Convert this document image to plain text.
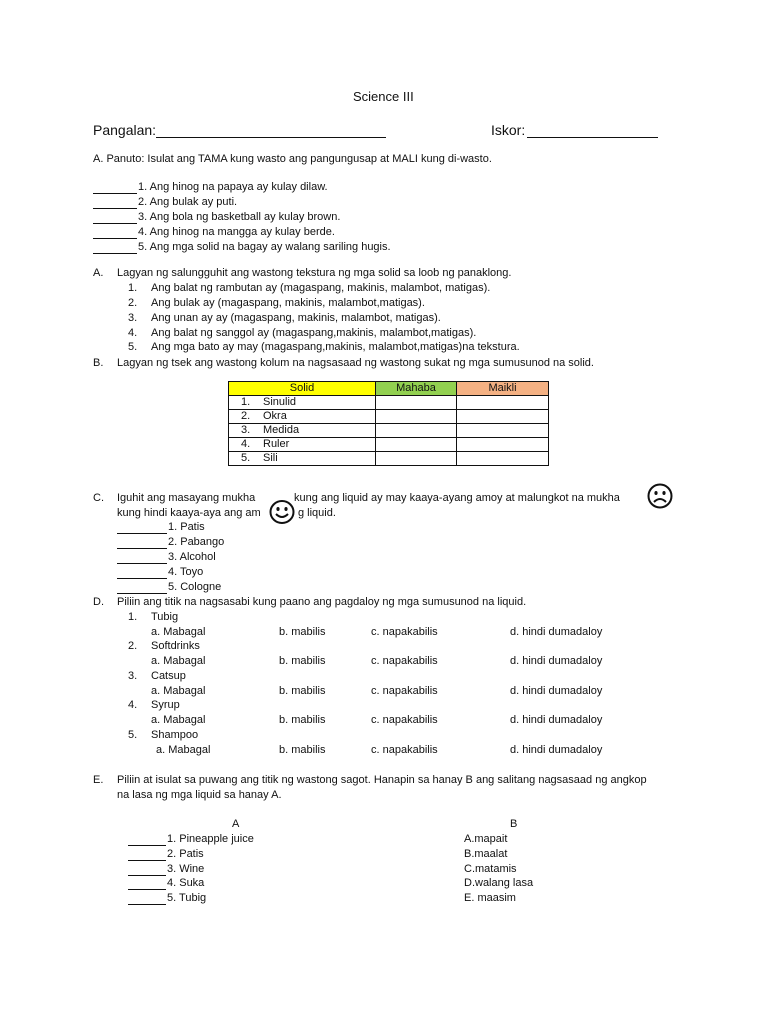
Science III
Pangalan:	Iskor:
A. Panuto: Isulat ang TAMA kung wasto ang pangungusap at MALI kung di-wasto.
1. Ang hinog na papaya ay kulay dilaw.
2. Ang bulak ay puti.
3. Ang bola ng basketball ay kulay brown.
4. Ang hinog na mangga ay kulay berde.
5. Ang mga solid na bagay ay walang sariling hugis.
A. Lagyan ng salungguhit ang wastong tekstura ng mga solid sa loob ng panaklong.
1. Ang balat ng rambutan ay (magaspang, makinis, malambot, matigas).
2. Ang bulak ay (magaspang, makinis, malambot,matigas).
3. Ang unan ay ay (magaspang, makinis, malambot, matigas).
4. Ang balat ng sanggol ay (magaspang,makinis, malambot,matigas).
5. Ang mga bato ay may (magaspang,makinis, malambot,matigas)na tekstura.
B. Lagyan ng tsek ang wastong kolum na nagsasaad ng wastong sukat ng mga sumusunod na solid.
Solid	Mahaba	Maikli
1. Sinulid		
2. Okra		
3. Medida		
4. Ruler		
5. Sili		
C. Iguhit ang masayang mukha	kung ang liquid ay may kaaya-ayang amoy at malungkot na mukha
kung hindi kaaya-aya ang am	g liquid.
1. Patis
2. Pabango
3. Alcohol
4. Toyo
5. Cologne
D. Piliin ang titik na nagsasabi kung paano ang pagdaloy ng mga sumusunod na liquid.
1. Tubig
a. Mabagal	b. mabilis	c. napakabilis	d. hindi dumadaloy
2. Softdrinks
a. Mabagal	b. mabilis	c. napakabilis	d. hindi dumadaloy
3. Catsup
a. Mabagal	b. mabilis	c. napakabilis	d. hindi dumadaloy
4. Syrup
a. Mabagal	b. mabilis	c. napakabilis	d. hindi dumadaloy
5. Shampoo
a. Mabagal	b. mabilis	c. napakabilis	d. hindi dumadaloy
E. Piliin at isulat sa puwang ang titik ng wastong sagot. Hanapin sa hanay B ang salitang nagsasaad ng angkop
na lasa ng mga liquid sa hanay A.
A	B
1. Pineapple juice
2. Patis
3. Wine
4. Suka
5. Tubig
A.mapait
B.maalat
C.matamis
D.walang lasa
E. maasim
